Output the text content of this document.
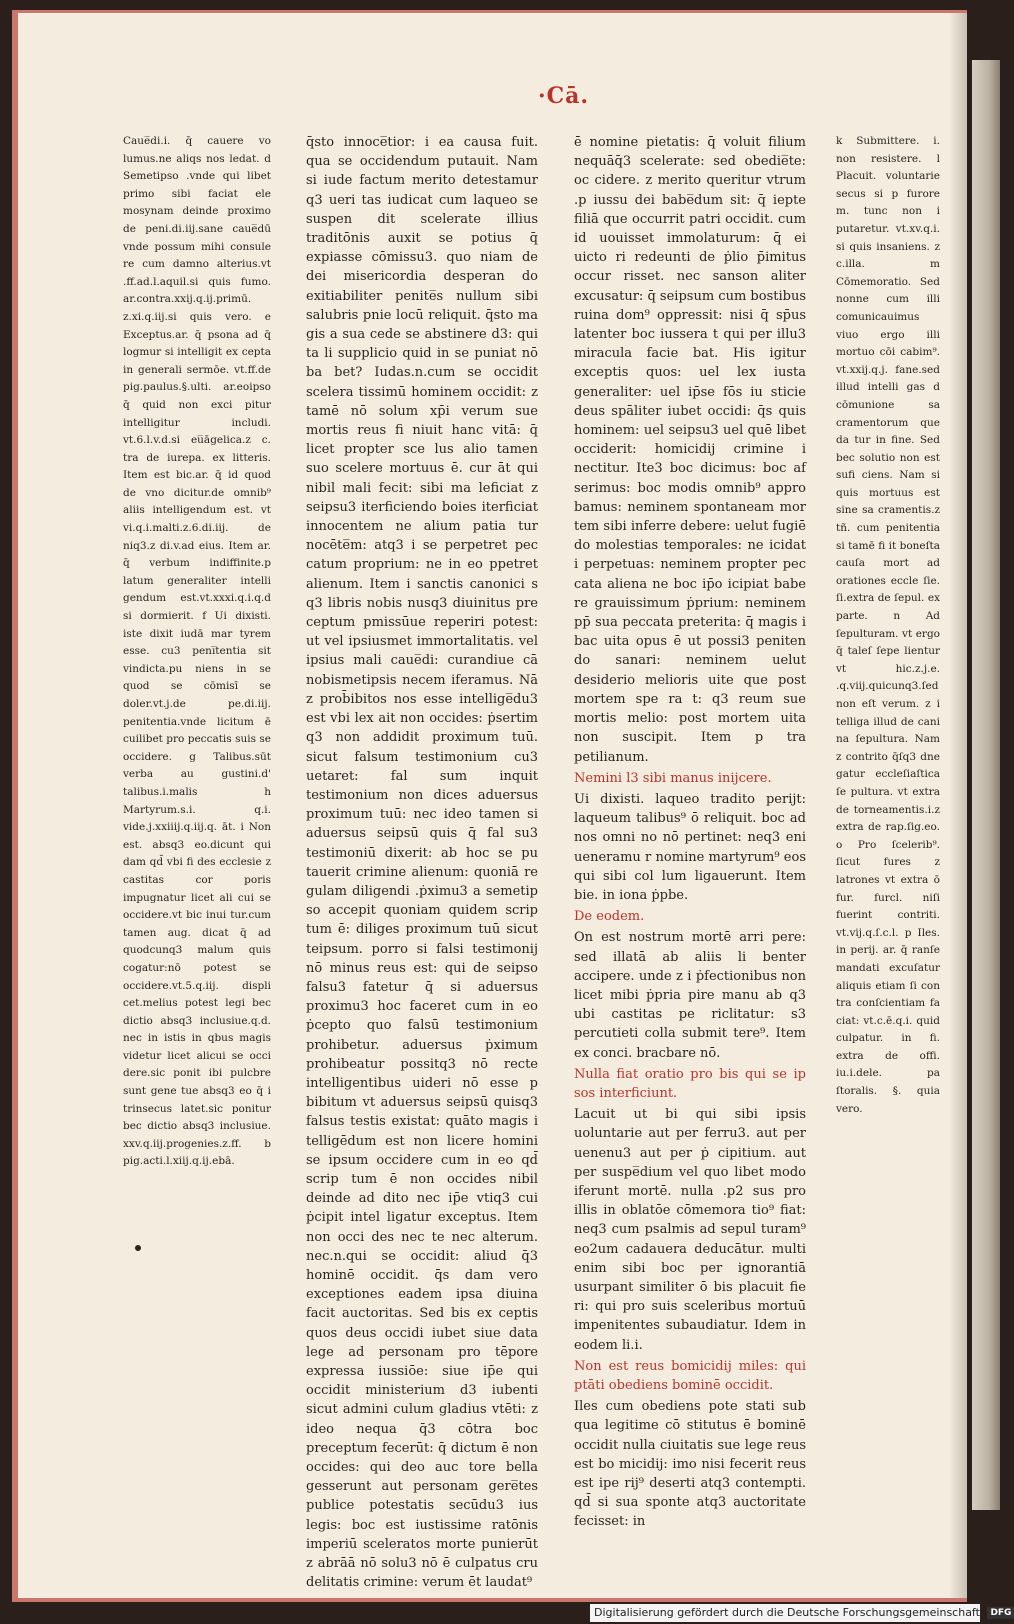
·Cā.

Caue̅di.i. q̄ cauere vo lumus.ne aliqs nos ledat. d Semetipso .vnde qui libet primo sibi faciat ele mosynam deinde proximo de peni.di.iij.sane caue̅dū vnde possum mihi consule re cum damno alterius.vt .ff.ad.l.aquil.si quis fumo. ar.contra.xxij.q.ij.primū. z.xi.q.iij.si quis vero. e Exceptus.ar. q̄ psona ad q̄ logmur si intelligit ex cepta in generali sermōe. vt.ff.de pig.paulus.§.ulti. ar.eoipso q̄ quid non exci pitur intelligitur includi. vt.6.l.v.d.si eu̅āgelica.z c. tra de iurepa. ex litteris. Item est bic.ar. q̄ id quod de vno dicitur.de omnib⁹ aliis intelligendum est. vt vi.q.i.malti.z.6.di.iij. de niq3.z di.v.ad eius. Item ar. q̄ verbum indiffinite.p latum generaliter intelli gendum est.vt.xxxi.q.i.q.d si dormierit. f Ui dixisti. iste dixit iudā mar tyrem esse. cu3 peni̅tentia sit vindicta.pu niens in se quod se cōmisī se doler.vt.j.de pe.di.iij. penitentia.vnde licitum ē cuilibet pro peccatis suis se occidere. g Talibus.sūt verba au gustini.d' talibus.i.malis h Martyrum.s.i. q.i. vide.j.xxiiij.q.iij.q. āt. i Non est. absq3 eo.dicunt qui dam qd̄ vbi fi des ecclesie z castitas cor poris impugnatur licet ali cui se occidere.vt bic inui tur.cum tamen aug. dicat q̄ ad quodcunq3 malum quis cogatur:nō potest se occidere.vt.5.q.iij. displi cet.melius potest legi bec dictio absq3 inclusiue.q.d. nec in istis in qbus magis videtur licet alicui se occi dere.sic ponit ibi pulcbre sunt gene tue absq3 eo q̄ i trinsecus latet.sic ponitur bec dictio absq3 inclusiue. xxv.q.iij.progenies.z.ff. b pig.acti.l.xiij.q.ij.ebā.

q̄sto innoce̅tior: i ea causa fuit. qua se occidendum putauit. Nam si iude factum merito detestamur q3 ueri tas iudicat cum laqueo se suspen dit scelerate illius traditōnis auxit se potius q̄ expiasse cōmissu3. quo niam de dei misericordia desperan do exitiabiliter penite̅s nullum sibi salubris pnie locū reliquit. q̄sto ma gis a sua cede se abstinere d3: qui ta li supplicio quid in se puniat nō ba bet? Iudas.n.cum se occidit scelera tissimū hominem occidit: z tamē nō solum xp̄i verum sue mortis reus fi niuit hanc vitā: q̄ licet propter sce lus alio tamen suo scelere mortuus ē. cur āt qui nibil mali fecit: sibi ma leficiat z seipsu3 iterficiendo boies iterficiat innocentem ne alium patia tur nocēte̅m: atq3 i se perpetret pec catum proprium: ne in eo ppetret alienum. Item i sanctis canonici s q3 libris nobis nusq3 diuinitus pre ceptum pmissūue reperiri potest: ut vel ipsiusmet immortalitatis. vel ipsius mali caue̅di: curandiue cā nobismetipsis necem iferamus. Nā z prob̄ibitos nos esse intellige̅du3 est vbi lex ait non occides: ṗsertim q3 non addidit proximum tuū. sicut falsum testimonium cu3 uetaret: fal sum inquit testimonium non dices aduersus proximum tuū: nec ideo tamen si aduersus seipsū quis q̄ fal su3 testimoniū dixerit: ab hoc se pu tauerit crimine alienum: quoniā re gulam diligendi .ṗximu3 a semetip so accepit quoniam quidem scrip tum ē: diliges proximum tuū sicut teipsum. porro si falsi testimonij nō minus reus est: qui de seipso falsu3 fatetur q̄ si aduersus proximu3 hoc faceret cum in eo ṗcepto quo falsū testimonium prohibetur. aduersus ṗximum prohibeatur possitq3 nō recte intelligentibus uideri nō esse p bibitum vt aduersus seipsū quisq3 falsus testis existat: quāto magis i telligēdum est non licere homini se ipsum occidere cum in eo qd̄ scrip tum ē non occides nibil deinde ad dito nec ip̄e vtiq3 cui ṗcipit intel ligatur exceptus. Item non occi des nec te nec alterum. nec.n.qui se occidit: aliud q̄3 hominē occidit. q̄s dam vero exceptiones eadem ipsa diuina facit auctoritas. Sed bis ex ceptis quos deus occidi iubet siue data lege ad personam pro tēpore expressa iussiōe: siue ip̄e qui occidit ministerium d3 iubenti sicut admini culum gladius vtēti: z ideo nequa q̄3 cōtra boc preceptum fecerūt: q̄ dictum ē non occides: qui deo auc tore bella gesserunt aut personam gere̅tes publice potestatis secūdu3 ius legis: boc est iustissime ratōnis imperiū sceleratos morte punierūt z abrāā nō solu3 nō ē culpatus cru delitatis crimine: verum ēt laudat⁹

ē nomine pietatis: q̄ voluit filium nequāq̄3 scelerate: sed obedie̅te: oc cidere. z merito queritur vtrum .p iussu dei babe̅dum sit: q̄ iepte filiā que occurrit patri occidit. cum id uouisset immolaturum: q̄ ei uicto ri redeunti de ṗlio p̄imitus occur risset. nec sanson aliter excusatur: q̄ seipsum cum bostibus ruina dom⁹ oppressit: nisi q̄ sp̄us latenter boc iussera t qui per illu3 miracula facie bat. His igitur exceptis quos: uel lex iusta generaliter: uel ip̄se fōs iu sticie deus spāliter iubet occidi: q̄s quis hominem: uel seipsu3 uel quē libet occiderit: homicidij crimine i nectitur. Ite3 boc dicimus: boc af serimus: boc modis omnib⁹ appro bamus: neminem spontaneam mor tem sibi inferre debere: uelut fugiē do molestias temporales: ne icidat i perpetuas: neminem propter pec cata aliena ne boc ip̄o icipiat babe re grauissimum ṗprium: neminem pp̄ sua peccata preterita: q̄ magis i bac uita opus ē ut possi3 peniten do sanari: neminem uelut desiderio melioris uite que post mortem spe ra t: q3 reum sue mortis melio: post mortem uita non suscipit. Item p tra petilianum.

Nemini l3 sibi manus inijcere.

Ui dixisti. laqueo tradito perijt: laqueum talibus⁹ ō reliquit. boc ad nos omni no nō pertinet: neq3 eni ueneramu r nomine martyrum⁹ eos qui sibi col lum ligauerunt. Item bie. in iona ṗpbe.

De eodem.

On est nostrum mortē arri pere: sed illatā ab aliis li benter accipere. unde z i ṗfectionibus non licet mibi ṗpria pire manu ab q3 ubi castitas pe riclitatur: s3 percutieti colla submit tere⁹. Item ex conci. bracbare nō.

Nulla fiat oratio pro bis qui se ip sos interficiunt.

Lacuit ut bi qui sibi ipsis uoluntarie aut per ferru3. aut per uenenu3 aut per ṗ cipitium. aut per suspe̅dium vel quo libet modo iferunt mortē. nulla .p2 sus pro illis in oblatōe cōmemora tio⁹ fiat: neq3 cum psalmis ad sepul turam⁹ eo2um cadauera deducātur. multi enim sibi boc per ignorantiā usurpant similiter ō bis placuit fie ri: qui pro suis sceleribus mortuū impenitentes subaudiatur. Idem in eodem li.i.

Non est reus bomicidij miles: qui ptāti obediens bominē occidit.

Iles cum obediens pote stati sub qua legitime cō stitutus ē bominē occidit nulla ciuitatis sue lege reus est bo micidij: imo nisi fecerit reus est ipe rij⁹ deserti atq3 contempti. qd̄ si sua sponte atq3 auctoritate fecisset: in

k Submittere. i. non resistere. l Placuit. voluntarie secus si p furore m. tunc non i putaretur. vt.xv.q.i. si quis insaniens. z c.illa. m Cōmemoratio. Sed nonne cum illi comunicauimus viuo ergo illi mortuo cōi cabim⁹. vt.xxij.q.j. fane.sed illud intelli gas d cōmunione sa cramentorum que da tur in fine. Sed bec solutio non est sufi ciens. Nam si quis mortuus est sine sa cramentis.z tñ. cum penitentia si tamē fi it boneſta cauſa mort ad orationes eccle ſie. ſi.extra de ſepul. ex parte. n Ad ſepulturam. vt ergo q̄ taleſ ſepe lientur vt hic.z.j.e. .q.viij.quicunq3.ſed non eſt verum. z i telliga illud de cani na ſepultura. Nam z contrito q̄ſq3 dne gatur eccleſiaſtica ſe pultura. vt extra de torneamentis.i.z extra de rap.ſig.eo. o Pro ſcelerib⁹. ſicut fures z latrones vt extra ō fur. furcl. niſi fuerint contriti. vt.vij.q.ſ.c.l. p Iles. in perij. ar. q̄ ranſe mandati excuſatur aliquis etiam ſi con tra conſcientiam fa ciat: vt.c.ē.q.i. quid culpatur. in fi. extra de offi. iu.i.dele. pa ſtoralis. §. quia vero.

Digitalisierung gefördert durch die Deutsche Forschungsgemeinschaft DFG
